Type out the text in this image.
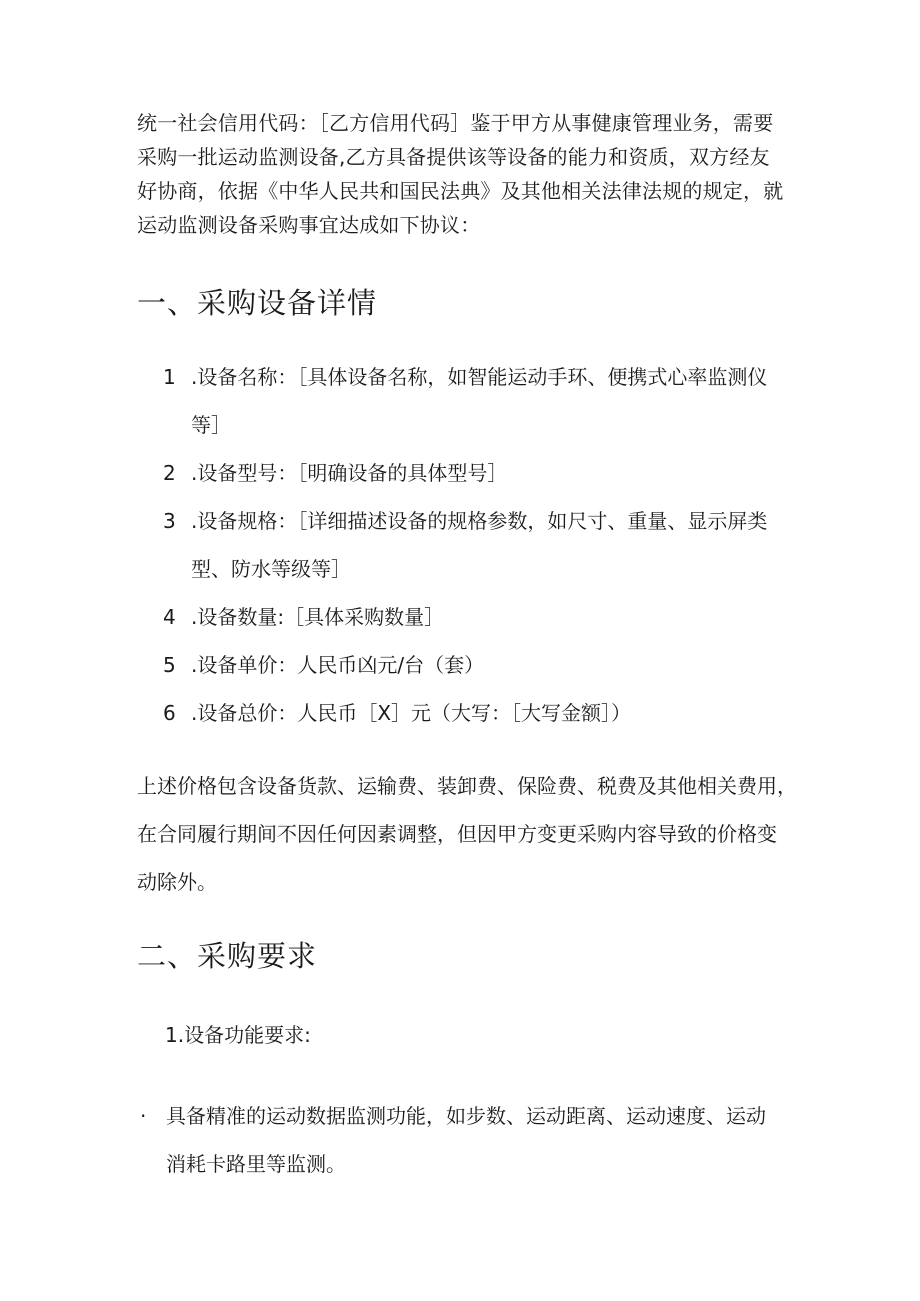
统一社会信用代码：［乙方信用代码］鉴于甲方从事健康管理业务，需要
采购一批运动监测设备,乙方具备提供该等设备的能力和资质，双方经友
好协商，依据《中华人民共和国民法典》及其他相关法律法规的规定，就
运动监测设备采购事宜达成如下协议：
一、采购设备详情
1 .设备名称：［具体设备名称，如智能运动手环、便携式心率监测仪
等］
2 .设备型号：［明确设备的具体型号］
3 .设备规格：［详细描述设备的规格参数，如尺寸、重量、显示屏类
型、防水等级等］
4 .设备数量:［具体采购数量］
5 .设备单价：人民币凶元/台（套）
6 .设备总价：人民币［X］元（大写：［大写金额］）
上述价格包含设备货款、运输费、装卸费、保险费、税费及其他相关费用，
在合同履行期间不因任何因素调整，但因甲方变更采购内容导致的价格变
动除外。
二、采购要求
1.设备功能要求:
· 具备精准的运动数据监测功能，如步数、运动距离、运动速度、运动
消耗卡路里等监测。
